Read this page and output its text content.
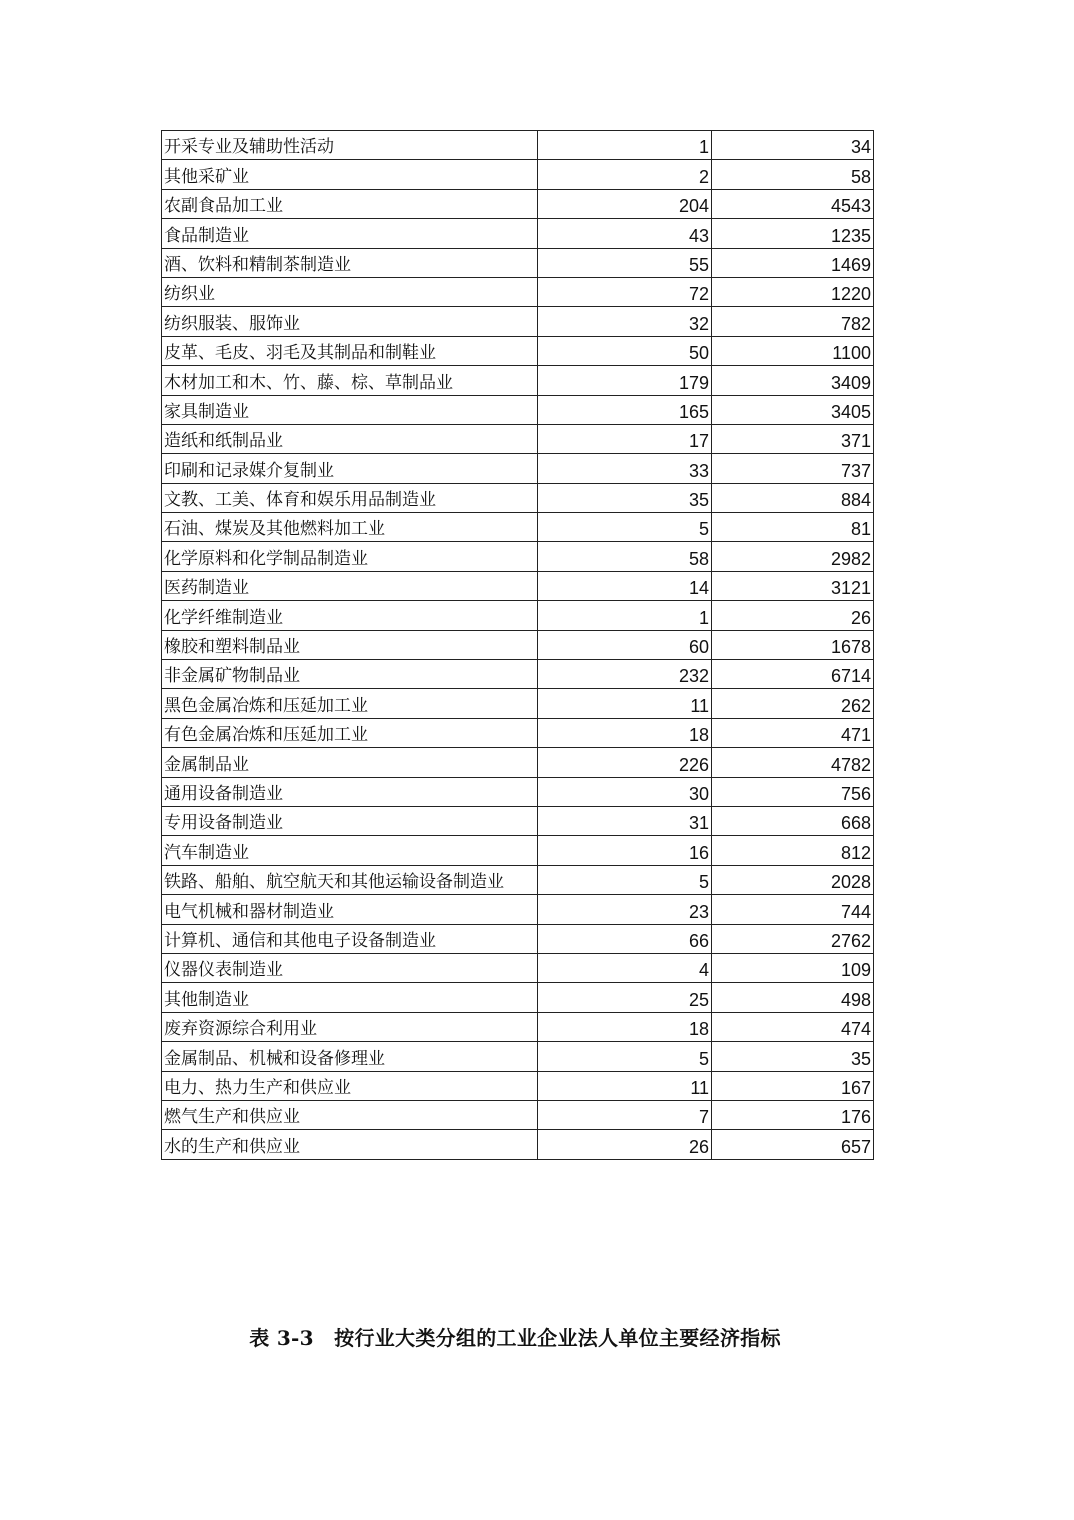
开采专业及辅助性活动	1	34
其他采矿业	2	58
农副食品加工业	204	4543
食品制造业	43	1235
酒、饮料和精制茶制造业	55	1469
纺织业	72	1220
纺织服装、服饰业	32	782
皮革、毛皮、羽毛及其制品和制鞋业	50	1100
木材加工和木、竹、藤、棕、草制品业	179	3409
家具制造业	165	3405
造纸和纸制品业	17	371
印刷和记录媒介复制业	33	737
文教、工美、体育和娱乐用品制造业	35	884
石油、煤炭及其他燃料加工业	5	81
化学原料和化学制品制造业	58	2982
医药制造业	14	3121
化学纤维制造业	1	26
橡胶和塑料制品业	60	1678
非金属矿物制品业	232	6714
黑色金属冶炼和压延加工业	11	262
有色金属冶炼和压延加工业	18	471
金属制品业	226	4782
通用设备制造业	30	756
专用设备制造业	31	668
汽车制造业	16	812
铁路、船舶、航空航天和其他运输设备制造业	5	2028
电气机械和器材制造业	23	744
计算机、通信和其他电子设备制造业	66	2762
仪器仪表制造业	4	109
其他制造业	25	498
废弃资源综合利用业	18	474
金属制品、机械和设备修理业	5	35
电力、热力生产和供应业	11	167
燃气生产和供应业	7	176
水的生产和供应业	26	657
表 3-3　按行业大类分组的工业企业法人单位主要经济指标
